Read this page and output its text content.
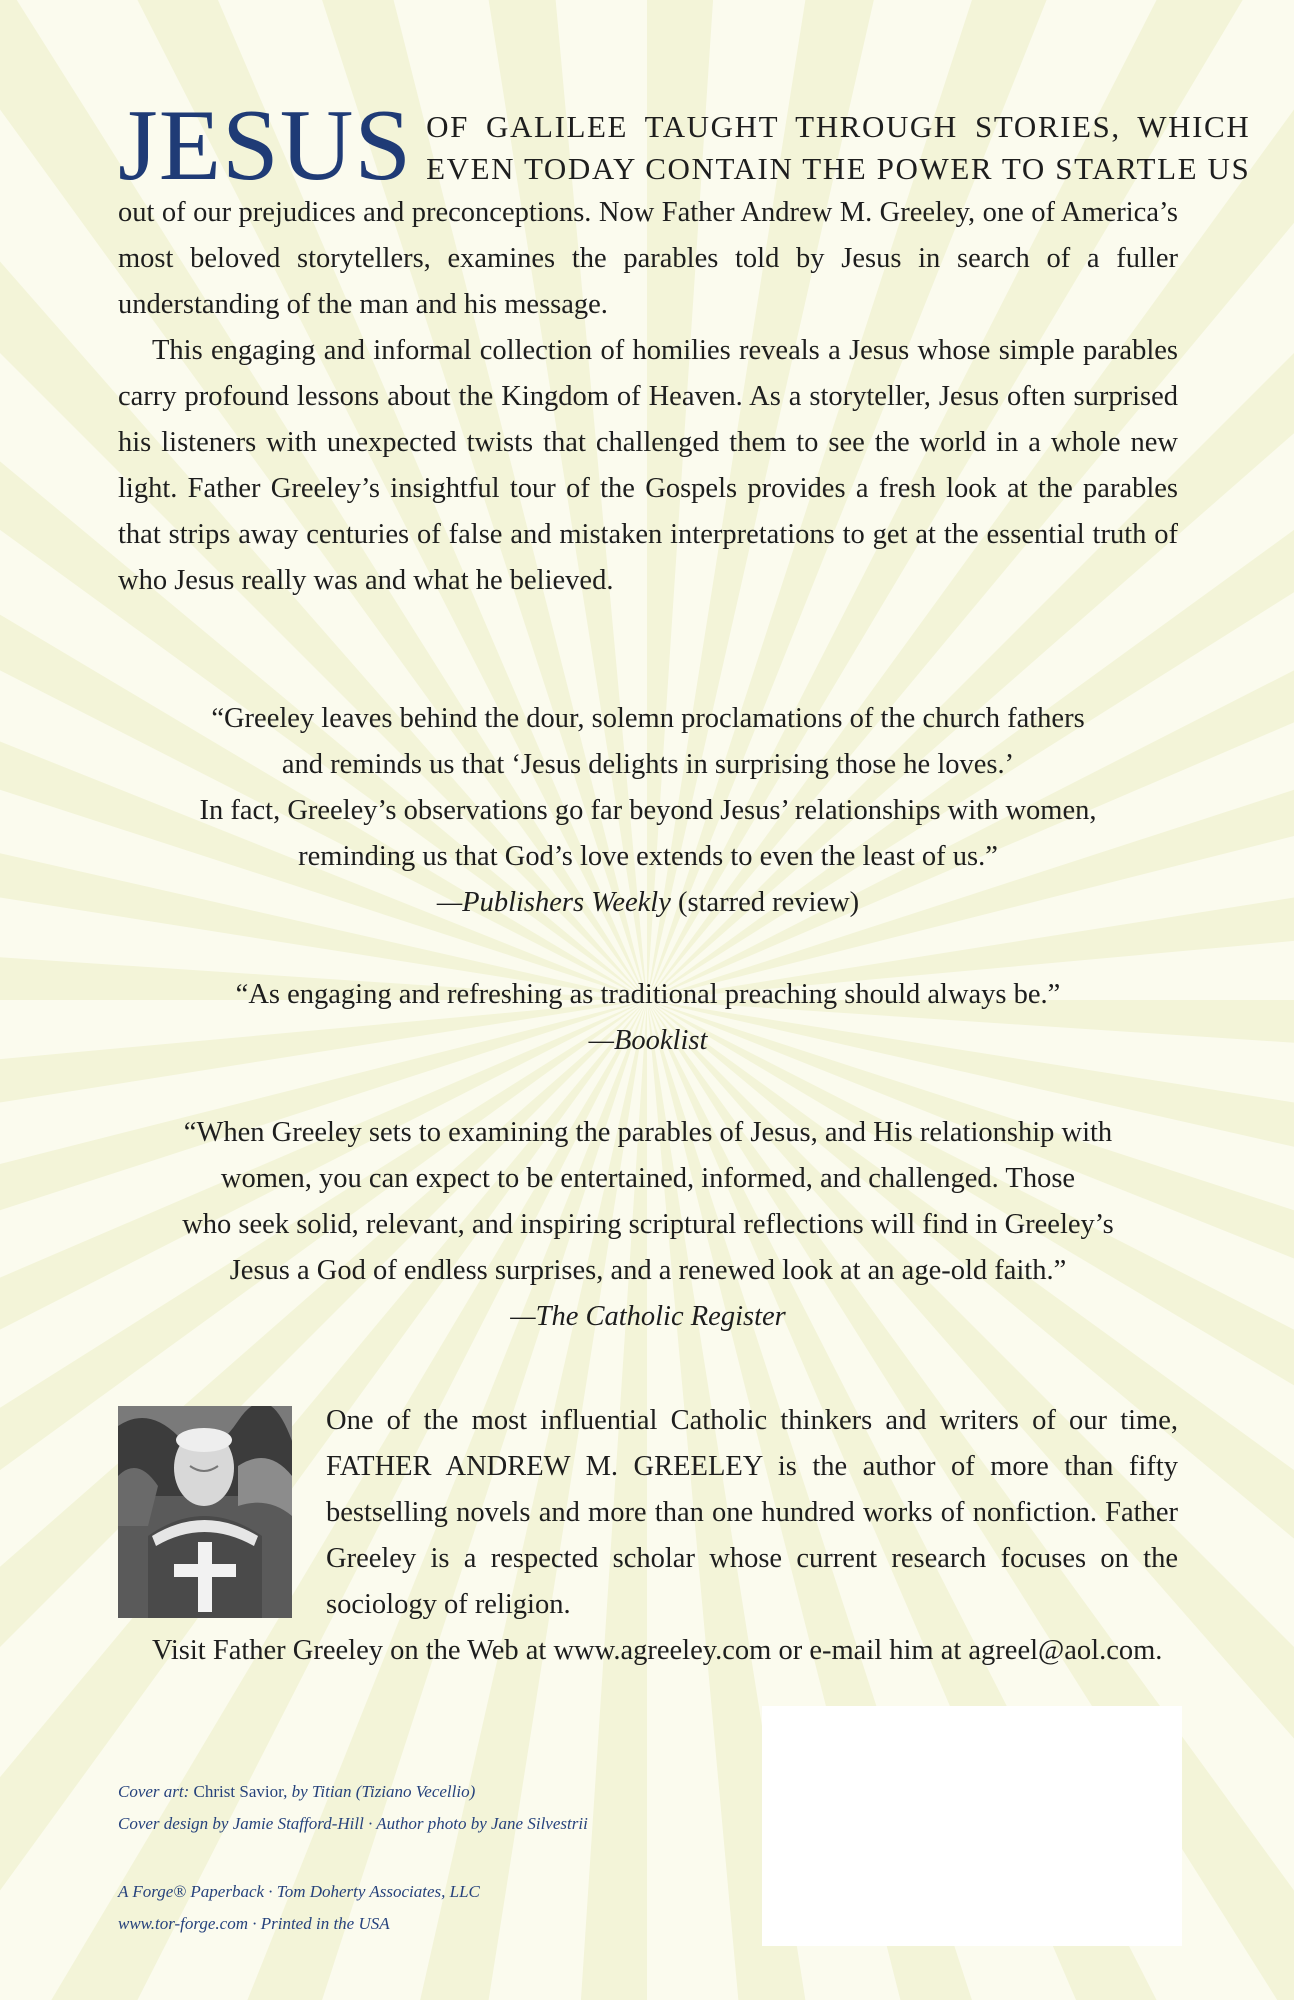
JESUS OF GALILEE TAUGHT THROUGH STORIES, WHICH
EVEN TODAY CONTAIN THE POWER TO STARTLE US

out of our prejudices and preconceptions. Now Father Andrew M. Greeley, one of America’s most beloved storytellers, examines the parables told by Jesus in search of a fuller understanding of the man and his message.

This engaging and informal collection of homilies reveals a Jesus whose simple parables carry profound lessons about the Kingdom of Heaven. As a storyteller, Jesus often surprised his listeners with unexpected twists that challenged them to see the world in a whole new light. Father Greeley’s insightful tour of the Gospels provides a fresh look at the parables that strips away centuries of false and mistaken interpretations to get at the essential truth of who Jesus really was and what he believed.

“Greeley leaves behind the dour, solemn proclamations of the church fathers

and reminds us that ‘Jesus delights in surprising those he loves.’

In fact, Greeley’s observations go far beyond Jesus’ relationships with women,

reminding us that God’s love extends to even the least of us.”

—Publishers Weekly (starred review)

“As engaging and refreshing as traditional preaching should always be.”

—Booklist

“When Greeley sets to examining the parables of Jesus, and His relationship with

women, you can expect to be entertained, informed, and challenged. Those

who seek solid, relevant, and inspiring scriptural reflections will find in Greeley’s

Jesus a God of endless surprises, and a renewed look at an age-old faith.”

—The Catholic Register

One of the most influential Catholic thinkers and writers of our time, FATHER ANDREW M. GREELEY is the author of more than fifty bestselling novels and more than one hundred works of nonfiction. Father Greeley is a respected scholar whose current research focuses on the sociology of religion.

Visit Father Greeley on the Web at www.agreeley.com or e-mail him at agreel@aol.com.

Cover art: Christ Savior, by Titian (Tiziano Vecellio)
Cover design by Jamie Stafford-Hill · Author photo by Jane Silvestrii
A Forge® Paperback · Tom Doherty Associates, LLC
www.tor-forge.com · Printed in the USA
